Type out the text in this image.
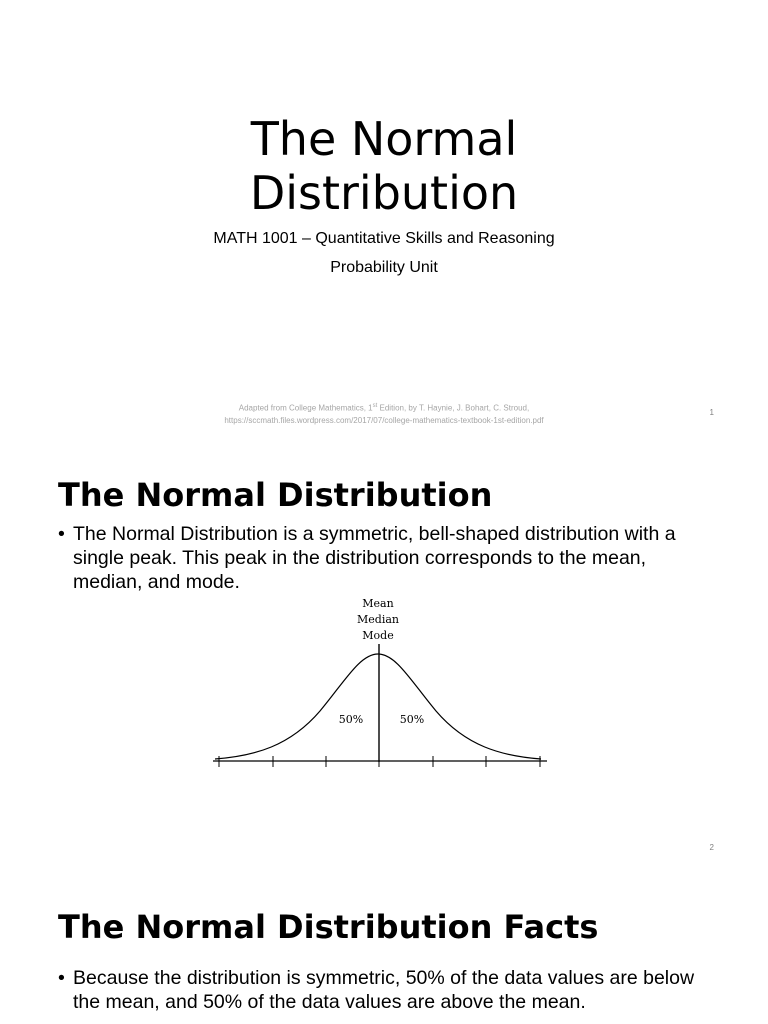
The Normal
Distribution
MATH 1001 – Quantitative Skills and Reasoning
Probability Unit
Adapted from College Mathematics, 1st Edition, by T. Haynie, J. Bohart, C. Stroud,
https://sccmath.files.wordpress.com/2017/07/college-mathematics-textbook-1st-edition.pdf
1
The Normal Distribution
• The Normal Distribution is a symmetric, bell-shaped distribution with a single peak. This peak in the distribution corresponds to the mean, median, and mode.
Mean
Median
Mode
50%	50%
2
The Normal Distribution Facts
• Because the distribution is symmetric, 50% of the data values are below the mean, and 50% of the data values are above the mean.
